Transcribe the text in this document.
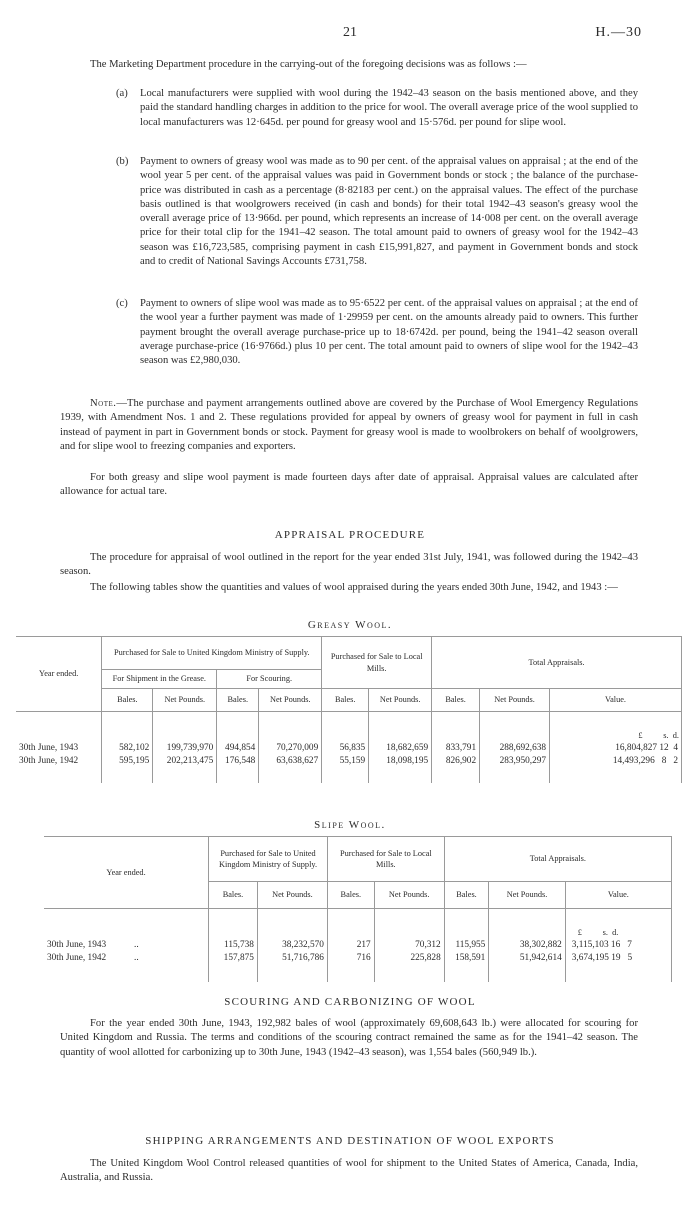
21	H.—30
The Marketing Department procedure in the carrying-out of the foregoing decisions was as follows :—
(a) Local manufacturers were supplied with wool during the 1942–43 season on the basis mentioned above, and they paid the standard handling charges in addition to the price for wool. The overall average price of the wool supplied to local manufacturers was 12·645d. per pound for greasy wool and 15·576d. per pound for slipe wool.
(b) Payment to owners of greasy wool was made as to 90 per cent. of the appraisal values on appraisal ; at the end of the wool year 5 per cent. of the appraisal values was paid in Government bonds or stock ; the balance of the purchase-price was distributed in cash as a percentage (8·82183 per cent.) on the appraisal values. The effect of the purchase basis outlined is that woolgrowers received (in cash and bonds) for their total 1942–43 season's greasy wool the overall average price of 13·966d. per pound, which represents an increase of 14·008 per cent. on the overall average price for their total clip for the 1941–42 season. The total amount paid to owners of greasy wool for the 1942–43 season was £16,723,585, comprising payment in cash £15,991,827, and payment in Government bonds and stock and to credit of National Savings Accounts £731,758.
(c) Payment to owners of slipe wool was made as to 95·6522 per cent. of the appraisal values on appraisal ; at the end of the wool year a further payment was made of 1·29959 per cent. on the amounts already paid to owners. This further payment brought the overall average purchase-price up to 18·6742d. per pound, being the 1941–42 season overall average purchase-price (16·9766d.) plus 10 per cent. The total amount paid to owners of slipe wool for the 1942–43 season was £2,980,030.
Note.—The purchase and payment arrangements outlined above are covered by the Purchase of Wool Emergency Regulations 1939, with Amendment Nos. 1 and 2. These regulations provided for appeal by owners of greasy wool for payment in full in cash instead of payment in part in Government bonds or stock. Payment for greasy wool is made to woolbrokers on behalf of woolgrowers, and for slipe wool to freezing companies and exporters.
For both greasy and slipe wool payment is made fourteen days after date of appraisal. Appraisal values are calculated after allowance for actual tare.
APPRAISAL PROCEDURE
The procedure for appraisal of wool outlined in the report for the year ended 31st July, 1941, was followed during the 1942–43 season.
The following tables show the quantities and values of wool appraised during the years ended 30th June, 1942, and 1943 :—
Greasy Wool.
Year ended.	Purchased for Sale to United Kingdom Ministry of Supply.				Purchased for Sale to Local Mills.		Total Appraisals.		
	For Shipment in the Grease.		For Scouring.						
	Bales.	Net Pounds.	Bales.	Net Pounds.	Bales.	Net Pounds.	Bales.	Net Pounds.	Value.
									£ s. d.
30th June, 1943	582,102	199,739,970	494,854	70,270,009	56,835	18,682,659	833,791	288,692,638	16,804,827 12 4
30th June, 1942	595,195	202,213,475	176,548	63,638,627	55,159	18,098,195	826,902	283,950,297	14,493,296 8 2
Slipe Wool.
Year ended.	Purchased for Sale to United Kingdom Ministry of Supply.		Purchased for Sale to Local Mills.		Total Appraisals.		
	Bales.	Net Pounds.	Bales.	Net Pounds.	Bales.	Net Pounds.	Value.
							£ s. d.
30th June, 1943 ..	115,738	38,232,570	217	70,312	115,955	38,302,882	3,115,103 16 7
30th June, 1942 ..	157,875	51,716,786	716	225,828	158,591	51,942,614	3,674,195 19 5
SCOURING AND CARBONIZING OF WOOL
For the year ended 30th June, 1943, 192,982 bales of wool (approximately 69,608,643 lb.) were allocated for scouring for United Kingdom and Russia. The terms and conditions of the scouring contract remained the same as for the 1941–42 season. The quantity of wool allotted for carbonizing up to 30th June, 1943 (1942–43 season), was 1,554 bales (560,949 lb.).
SHIPPING ARRANGEMENTS AND DESTINATION OF WOOL EXPORTS
The United Kingdom Wool Control released quantities of wool for shipment to the United States of America, Canada, India, Australia, and Russia.
